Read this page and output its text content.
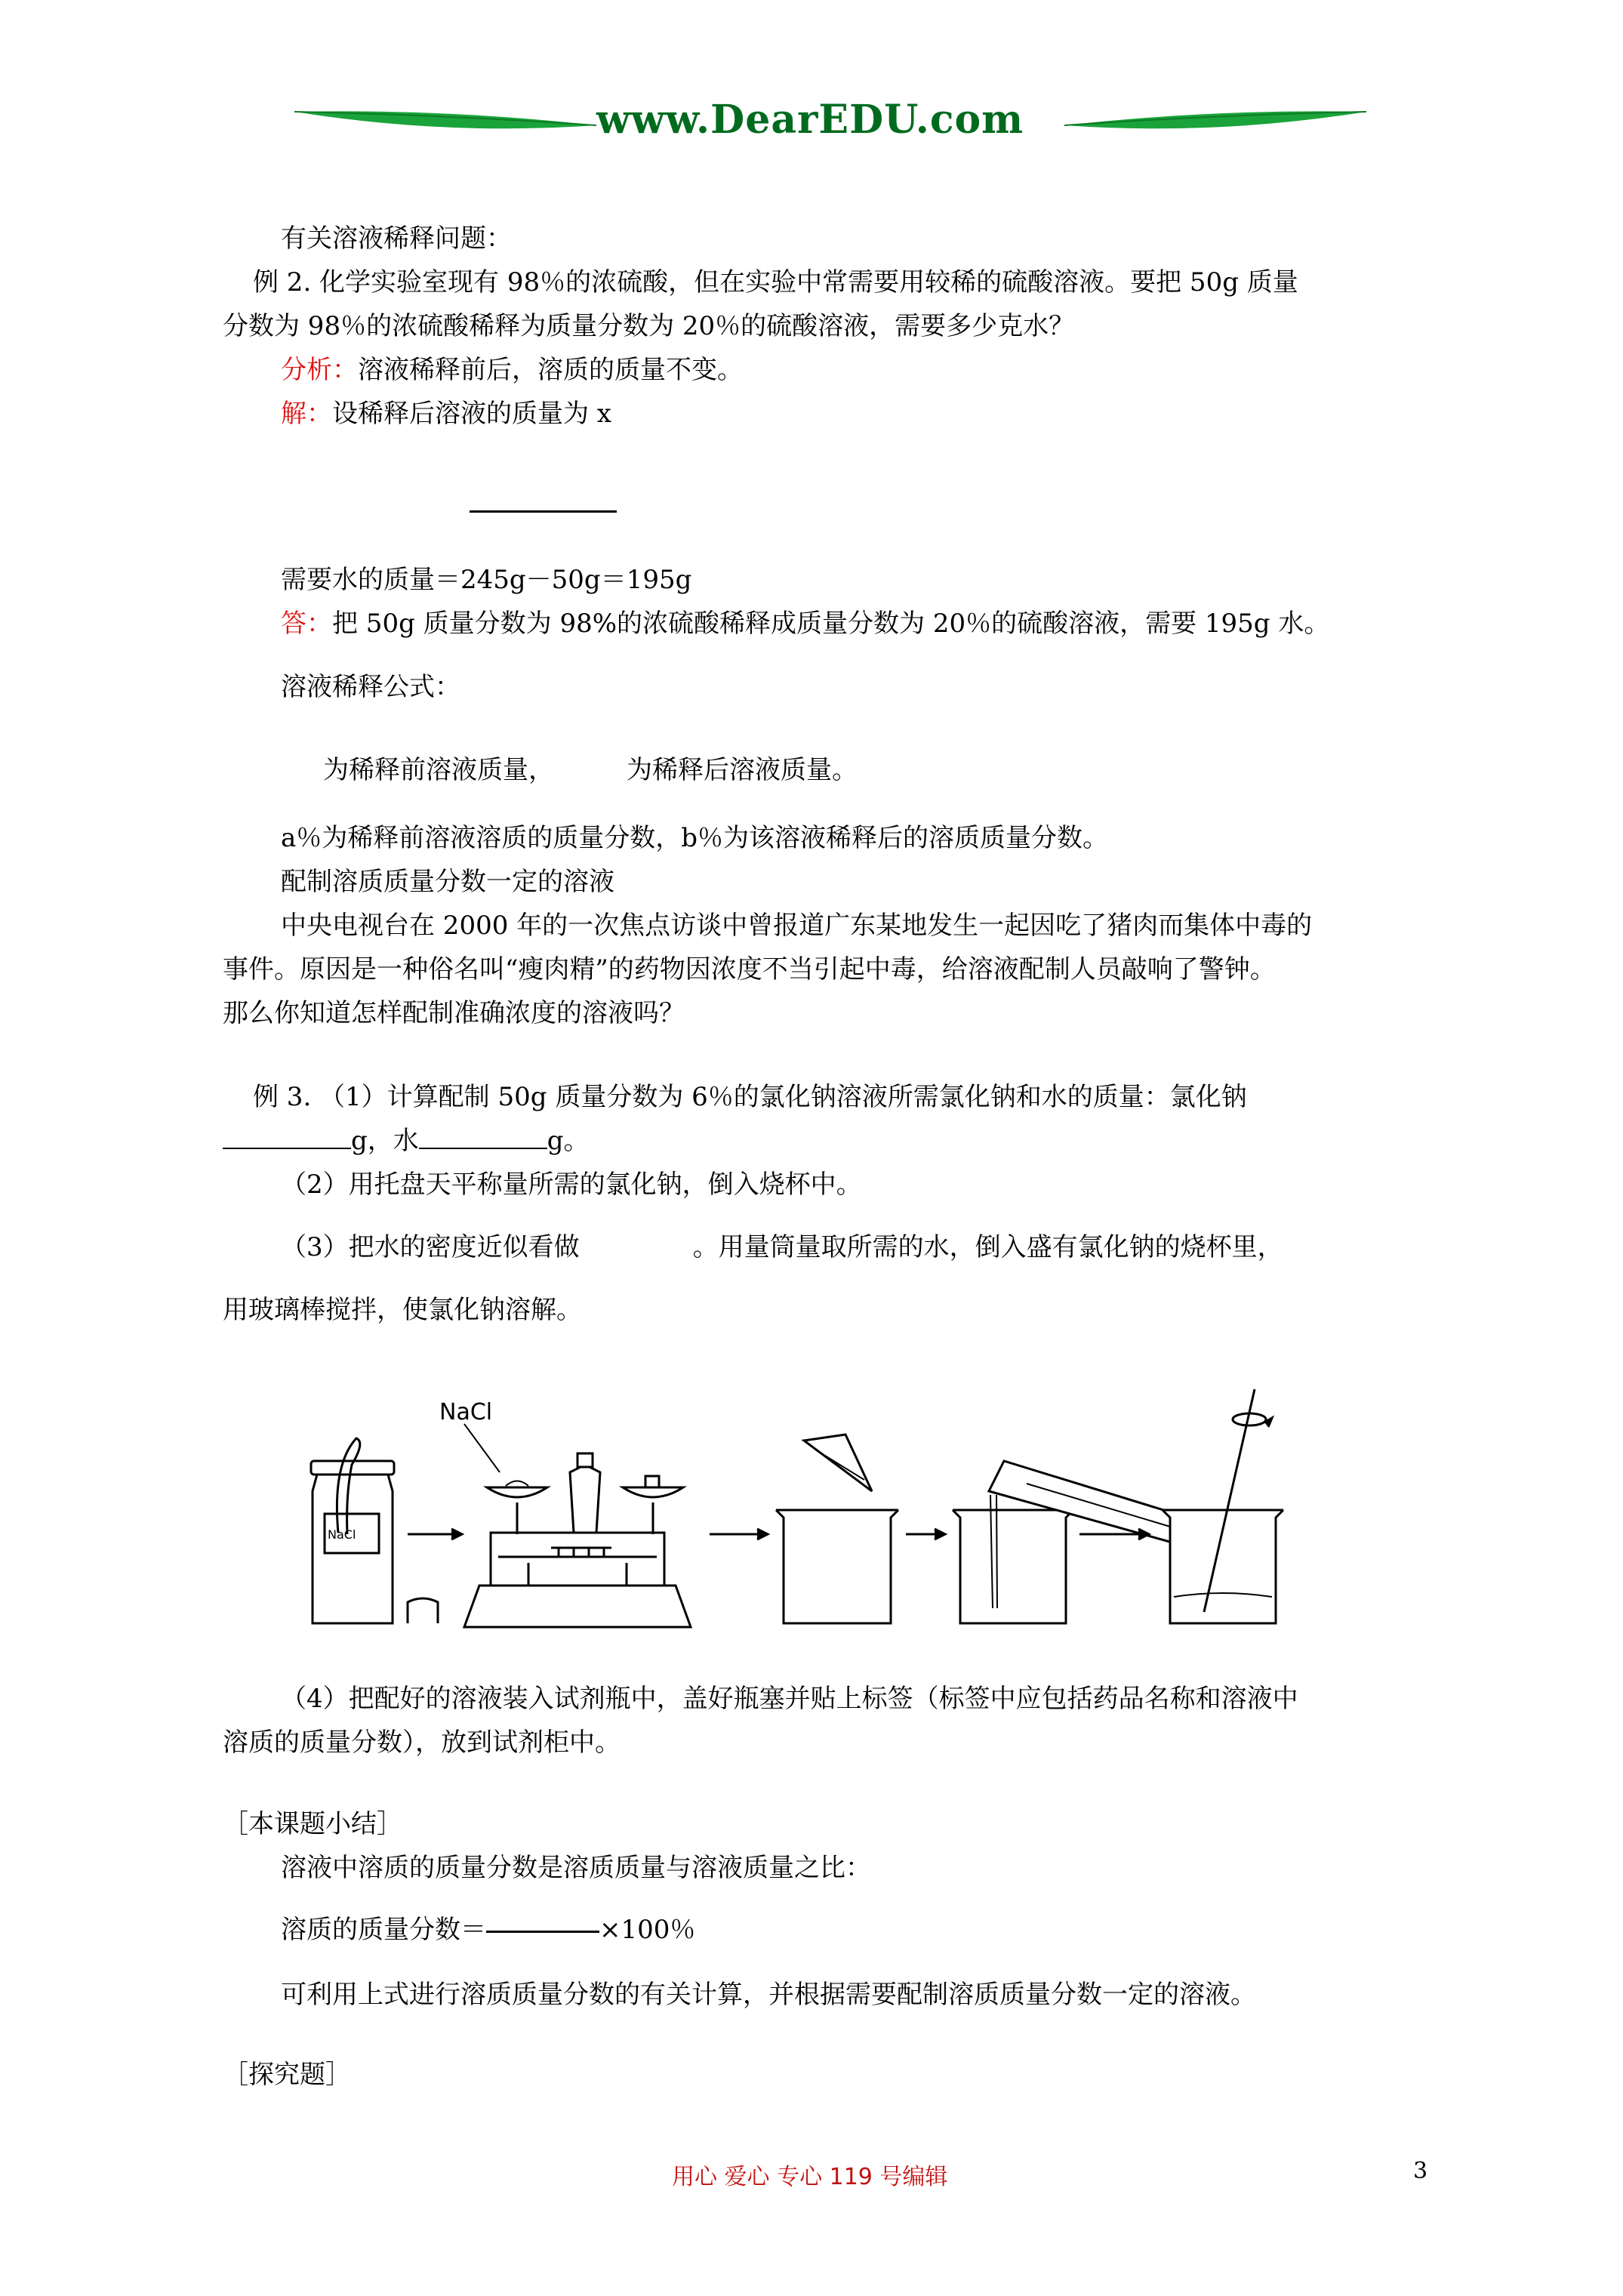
www.DearEDU.com
有关溶液稀释问题：
例 2. 化学实验室现有 98％的浓硫酸，但在实验中常需要用较稀的硫酸溶液。要把 50g 质量
分数为 98％的浓硫酸稀释为质量分数为 20％的硫酸溶液，需要多少克水？
分析：溶液稀释前后，溶质的质量不变。
解：设稀释后溶液的质量为 x
需要水的质量＝245g－50g＝195g
答：把 50g 质量分数为 98%的浓硫酸稀释成质量分数为 20％的硫酸溶液，需要 195g 水。
溶液稀释公式：
为稀释前溶液质量，	为稀释后溶液质量。
a％为稀释前溶液溶质的质量分数，b％为该溶液稀释后的溶质质量分数。
配制溶质质量分数一定的溶液
中央电视台在 2000 年的一次焦点访谈中曾报道广东某地发生一起因吃了猪肉而集体中毒的
事件。原因是一种俗名叫“瘦肉精”的药物因浓度不当引起中毒，给溶液配制人员敲响了警钟。
那么你知道怎样配制准确浓度的溶液吗？
例 3. （1）计算配制 50g 质量分数为 6％的氯化钠溶液所需氯化钠和水的质量：氯化钠
g，水	g。
（2）用托盘天平称量所需的氯化钠，倒入烧杯中。
（3）把水的密度近似看做	。用量筒量取所需的水，倒入盛有氯化钠的烧杯里，
用玻璃棒搅拌，使氯化钠溶解。
NaCl
NaCl
（4）把配好的溶液装入试剂瓶中，盖好瓶塞并贴上标签（标签中应包括药品名称和溶液中
溶质的质量分数），放到试剂柜中。
［本课题小结］
溶液中溶质的质量分数是溶质质量与溶液质量之比：
溶质的质量分数＝	×100％
可利用上式进行溶质质量分数的有关计算，并根据需要配制溶质质量分数一定的溶液。
［探究题］
用心 爱心 专心 119 号编辑	3
